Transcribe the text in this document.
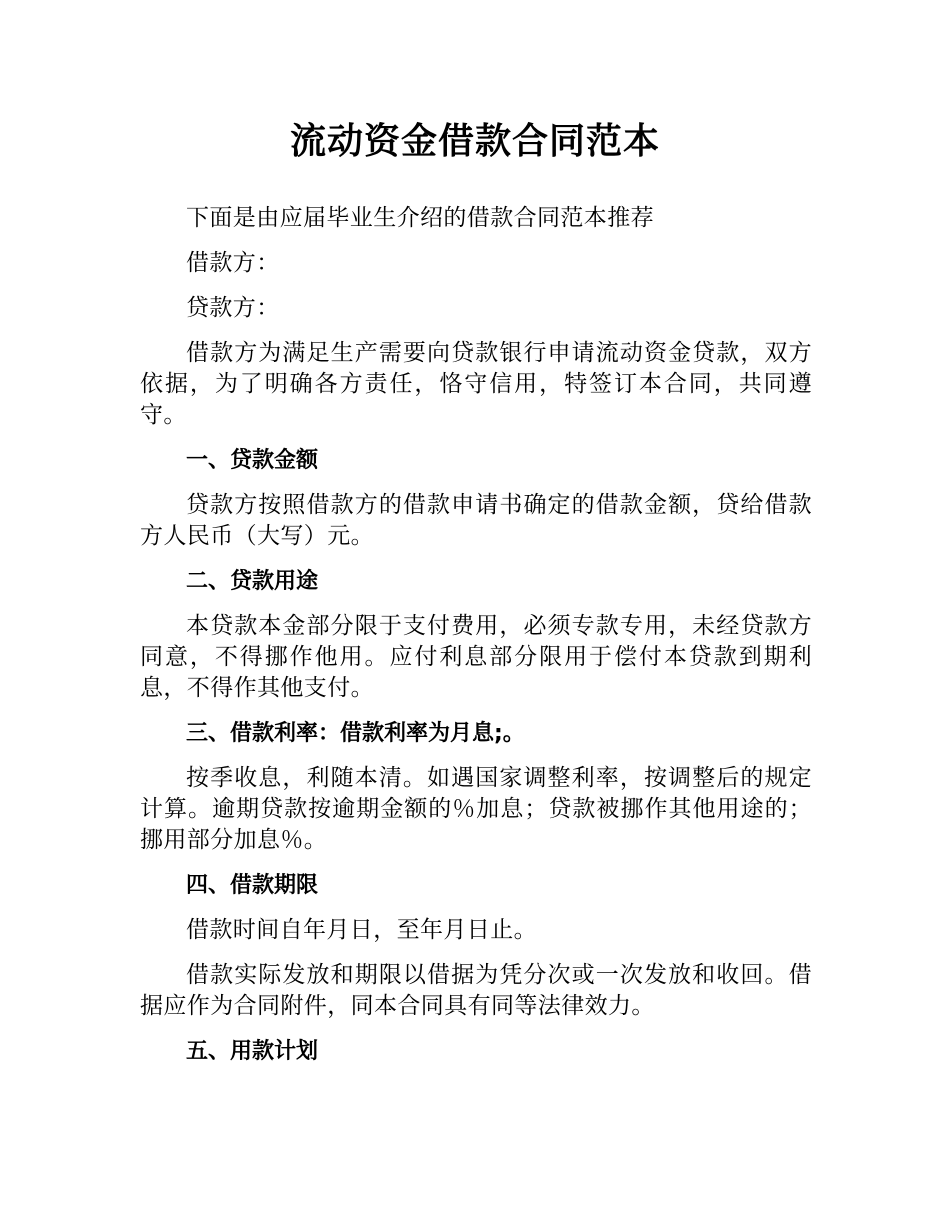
流动资金借款合同范本

下面是由应届毕业生介绍的借款合同范本推荐

借款方：

贷款方：

借款方为满足生产需要向贷款银行申请流动资金贷款，双方依据，为了明确各方责任，恪守信用，特签订本合同，共同遵守。

一、贷款金额

贷款方按照借款方的借款申请书确定的借款金额，贷给借款方人民币（大写）元。

二、贷款用途

本贷款本金部分限于支付费用，必须专款专用，未经贷款方同意，不得挪作他用。应付利息部分限用于偿付本贷款到期利息，不得作其他支付。

三、借款利率：借款利率为月息;。

按季收息，利随本清。如遇国家调整利率，按调整后的规定计算。逾期贷款按逾期金额的％加息；贷款被挪作其他用途的；挪用部分加息％。

四、借款期限

借款时间自年月日，至年月日止。

借款实际发放和期限以借据为凭分次或一次发放和收回。借据应作为合同附件，同本合同具有同等法律效力。

五、用款计划
